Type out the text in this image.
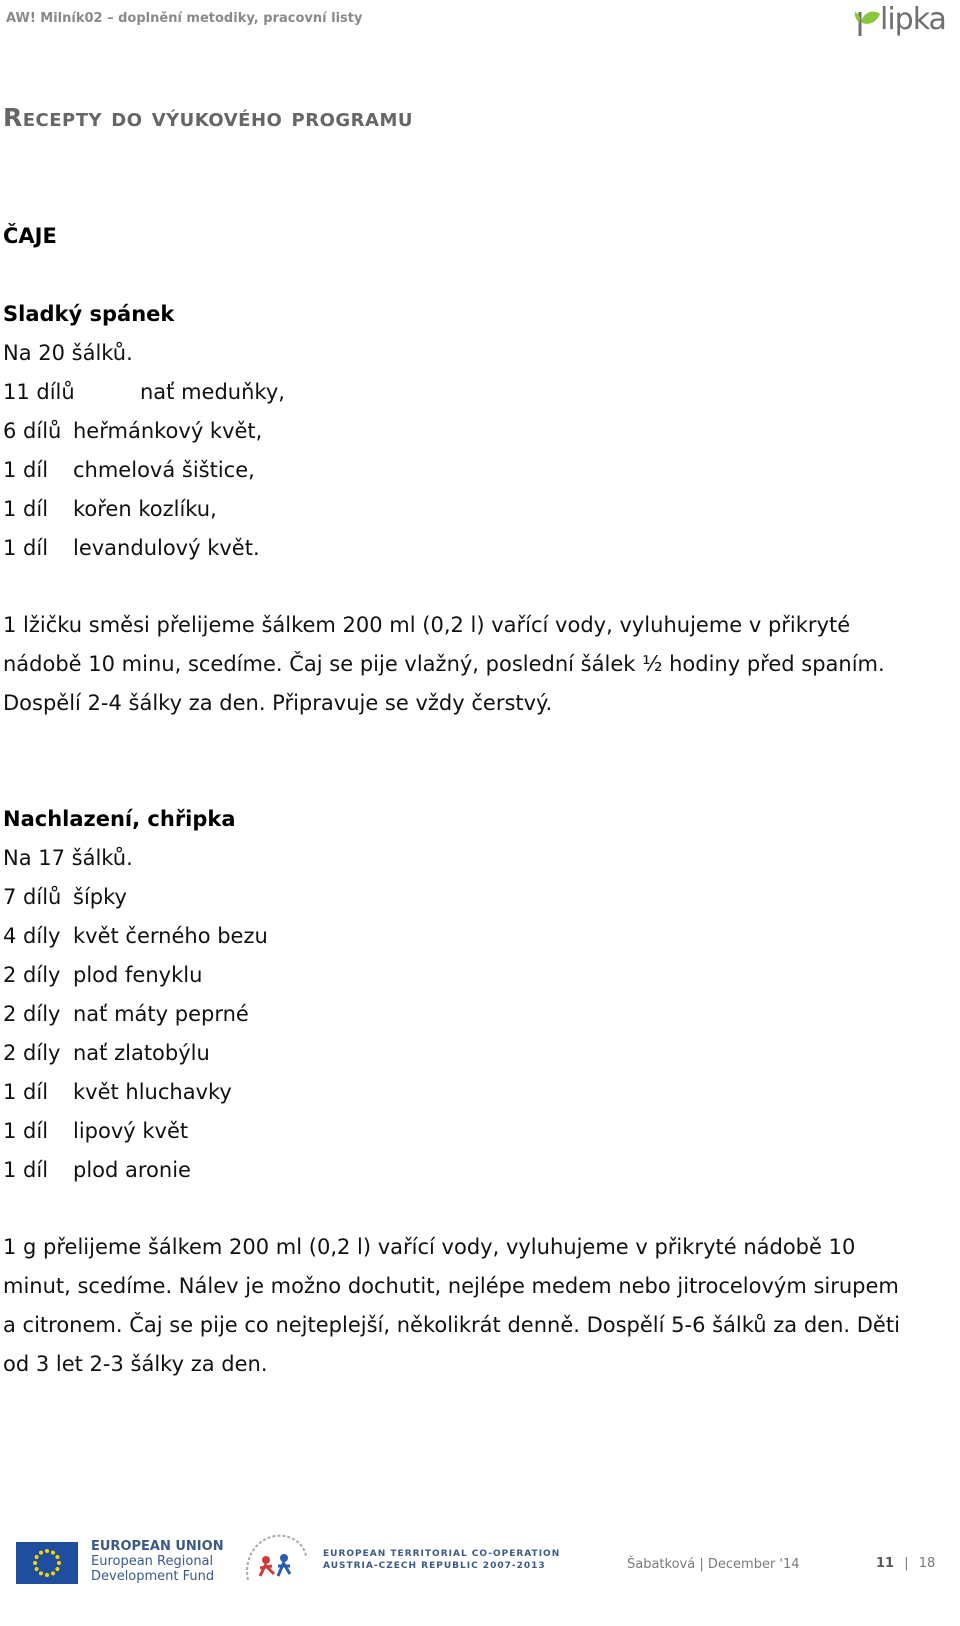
AW! Milník02 – doplnění metodiky, pracovní listy	lipka
Recepty do výukového programu
ČAJE
Sladký spánek
Na 20 šálků.
11 dílů	nať meduňky,
6 dílů heřmánkový květ,
1 díl chmelová šištice,
1 díl kořen kozlíku,
1 díl levandulový květ.
1 lžičku směsi přelijeme šálkem 200 ml (0,2 l) vařící vody, vyluhujeme v přikryté
nádobě 10 minu, scedíme. Čaj se pije vlažný, poslední šálek ½ hodiny před spaním.
Dospělí 2-4 šálky za den. Připravuje se vždy čerstvý.
Nachlazení, chřipka
Na 17 šálků.
7 dílů šípky
4 díly květ černého bezu
2 díly plod fenyklu
2 díly nať máty peprné
2 díly nať zlatobýlu
1 díl květ hluchavky
1 díl lipový květ
1 díl plod aronie
1 g přelijeme šálkem 200 ml (0,2 l) vařící vody, vyluhujeme v přikryté nádobě 10
minut, scedíme. Nálev je možno dochutit, nejlépe medem nebo jitrocelovým sirupem
a citronem. Čaj se pije co nejteplejší, několikrát denně. Dospělí 5-6 šálků za den. Děti
od 3 let 2-3 šálky za den.
EUROPEAN UNION
European Regional
Development Fund
EUROPEAN TERRITORIAL CO-OPERATION
AUSTRIA-CZECH REPUBLIC 2007-2013	Šabatková | December '14	11 | 18
